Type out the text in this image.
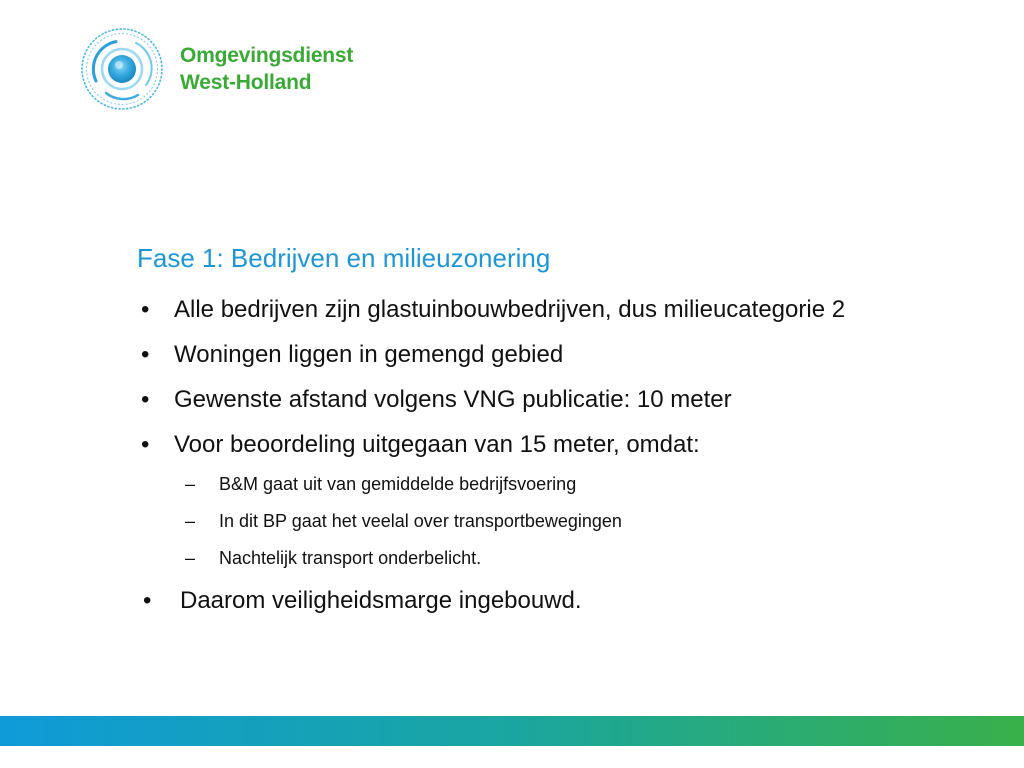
Omgevingsdienst
West-Holland
Fase 1: Bedrijven en milieuzonering
• Alle bedrijven zijn glastuinbouwbedrijven, dus milieucategorie 2
• Woningen liggen in gemengd gebied
• Gewenste afstand volgens VNG publicatie: 10 meter
• Voor beoordeling uitgegaan van 15 meter, omdat:
– B&M gaat uit van gemiddelde bedrijfsvoering
– In dit BP gaat het veelal over transportbewegingen
– Nachtelijk transport onderbelicht.
• Daarom veiligheidsmarge ingebouwd.
